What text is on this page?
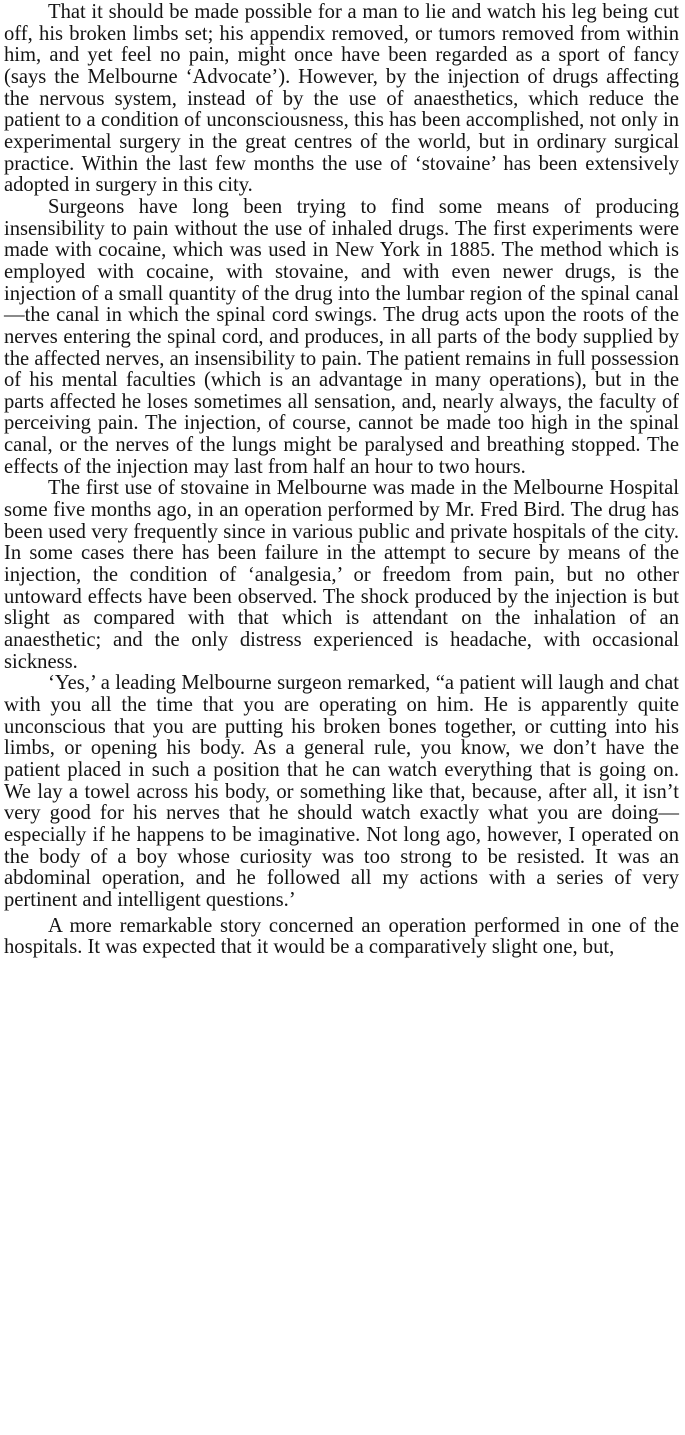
That it should be made possible for a man to lie and watch his leg being cut off, his broken limbs set; his appendix removed, or tumors removed from within him, and yet feel no pain, might once have been regarded as a sport of fancy (says the Melbourne ‘Advocate’). However, by the injection of drugs affecting the nervous system, instead of by the use of anaesthetics, which reduce the patient to a condition of unconsciousness, this has been accomplished, not only in experimental surgery in the great centres of the world, but in ordinary surgical practice. Within the last few months the use of ‘stovaine’ has been extensively adopted in surgery in this city.

Surgeons have long been trying to find some means of producing insensibility to pain without the use of inhaled drugs. The first experiments were made with cocaine, which was used in New York in 1885. The method which is employed with cocaine, with stovaine, and with even newer drugs, is the injection of a small quantity of the drug into the lumbar region of the spinal canal—the canal in which the spinal cord swings. The drug acts upon the roots of the nerves entering the spinal cord, and produces, in all parts of the body supplied by the affected nerves, an insensibility to pain. The patient remains in full possession of his mental faculties (which is an advantage in many operations), but in the parts affected he loses sometimes all sensation, and, nearly always, the faculty of perceiving pain. The injection, of course, cannot be made too high in the spinal canal, or the nerves of the lungs might be paralysed and breathing stopped. The effects of the injection may last from half an hour to two hours.

The first use of stovaine in Melbourne was made in the Melbourne Hospital some five months ago, in an operation performed by Mr. Fred Bird. The drug has been used very frequently since in various public and private hospitals of the city. In some cases there has been failure in the attempt to secure by means of the injection, the condition of ‘analgesia,’ or freedom from pain, but no other untoward effects have been observed. The shock produced by the injection is but slight as compared with that which is attendant on the inhalation of an anaesthetic; and the only distress experienced is headache, with occasional sickness.

‘Yes,’ a leading Melbourne surgeon remarked, “a patient will laugh and chat with you all the time that you are operating on him. He is apparently quite unconscious that you are putting his broken bones together, or cutting into his limbs, or opening his body. As a general rule, you know, we don’t have the patient placed in such a position that he can watch everything that is going on. We lay a towel across his body, or something like that, because, after all, it isn’t very good for his nerves that he should watch exactly what you are doing—especially if he happens to be imaginative. Not long ago, however, I operated on the body of a boy whose curiosity was too strong to be resisted. It was an abdominal operation, and he followed all my actions with a series of very pertinent and intelligent questions.’

A more remarkable story concerned an operation performed in one of the hospitals. It was expected that it would be a comparatively slight one, but,
